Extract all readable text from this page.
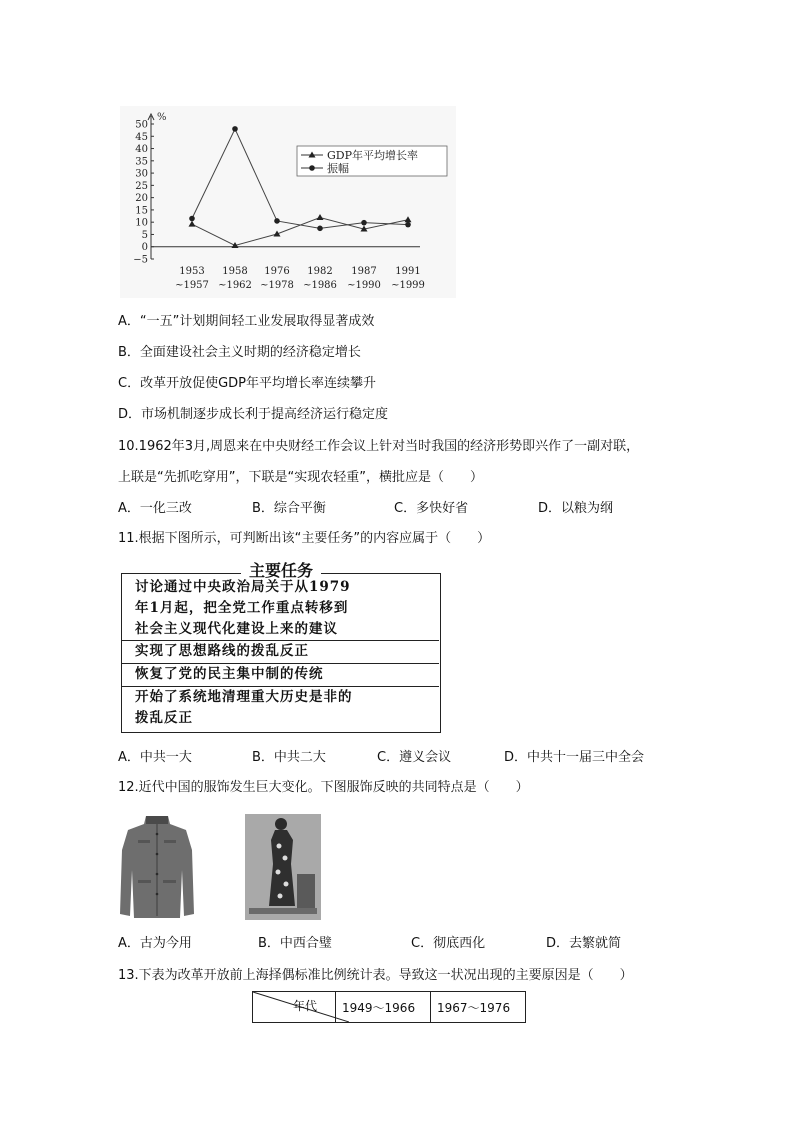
%
50
45
40
35
30
25
20
15
10
5
0
−5
1953
~1957
1958
~1962
1976
~1978
1982
~1986
1987
~1990
1991
~1999
GDP年平均增长率
振幅
A．“一五”计划期间轻工业发展取得显著成效
B．全面建设社会主义时期的经济稳定增长
C．改革开放促使GDP年平均增长率连续攀升
D．市场机制逐步成长利于提高经济运行稳定度
10.1962年3月,周恩来在中央财经工作会议上针对当时我国的经济形势即兴作了一副对联，
上联是“先抓吃穿用”，下联是“实现农轻重”，横批应是（　　）
A．一化三改	B．综合平衡	C．多快好省	D．以粮为纲
11.根据下图所示，可判断出该“主要任务”的内容应属于（　　）
主要任务
讨论通过中央政治局关于从1979
年1月起，把全党工作重点转移到
社会主义现代化建设上来的建议
实现了思想路线的拨乱反正
恢复了党的民主集中制的传统
开始了系统地清理重大历史是非的
拨乱反正
A．中共一大	B．中共二大	C．遵义会议	D．中共十一届三中全会
12.近代中国的服饰发生巨大变化。下图服饰反映的共同特点是（　　）
A．古为今用	B．中西合璧	C．彻底西化	D．去繁就简
13.下表为改革开放前上海择偶标准比例统计表。导致这一状况出现的主要原因是（　　）
年代	1949～1966	1967～1976
